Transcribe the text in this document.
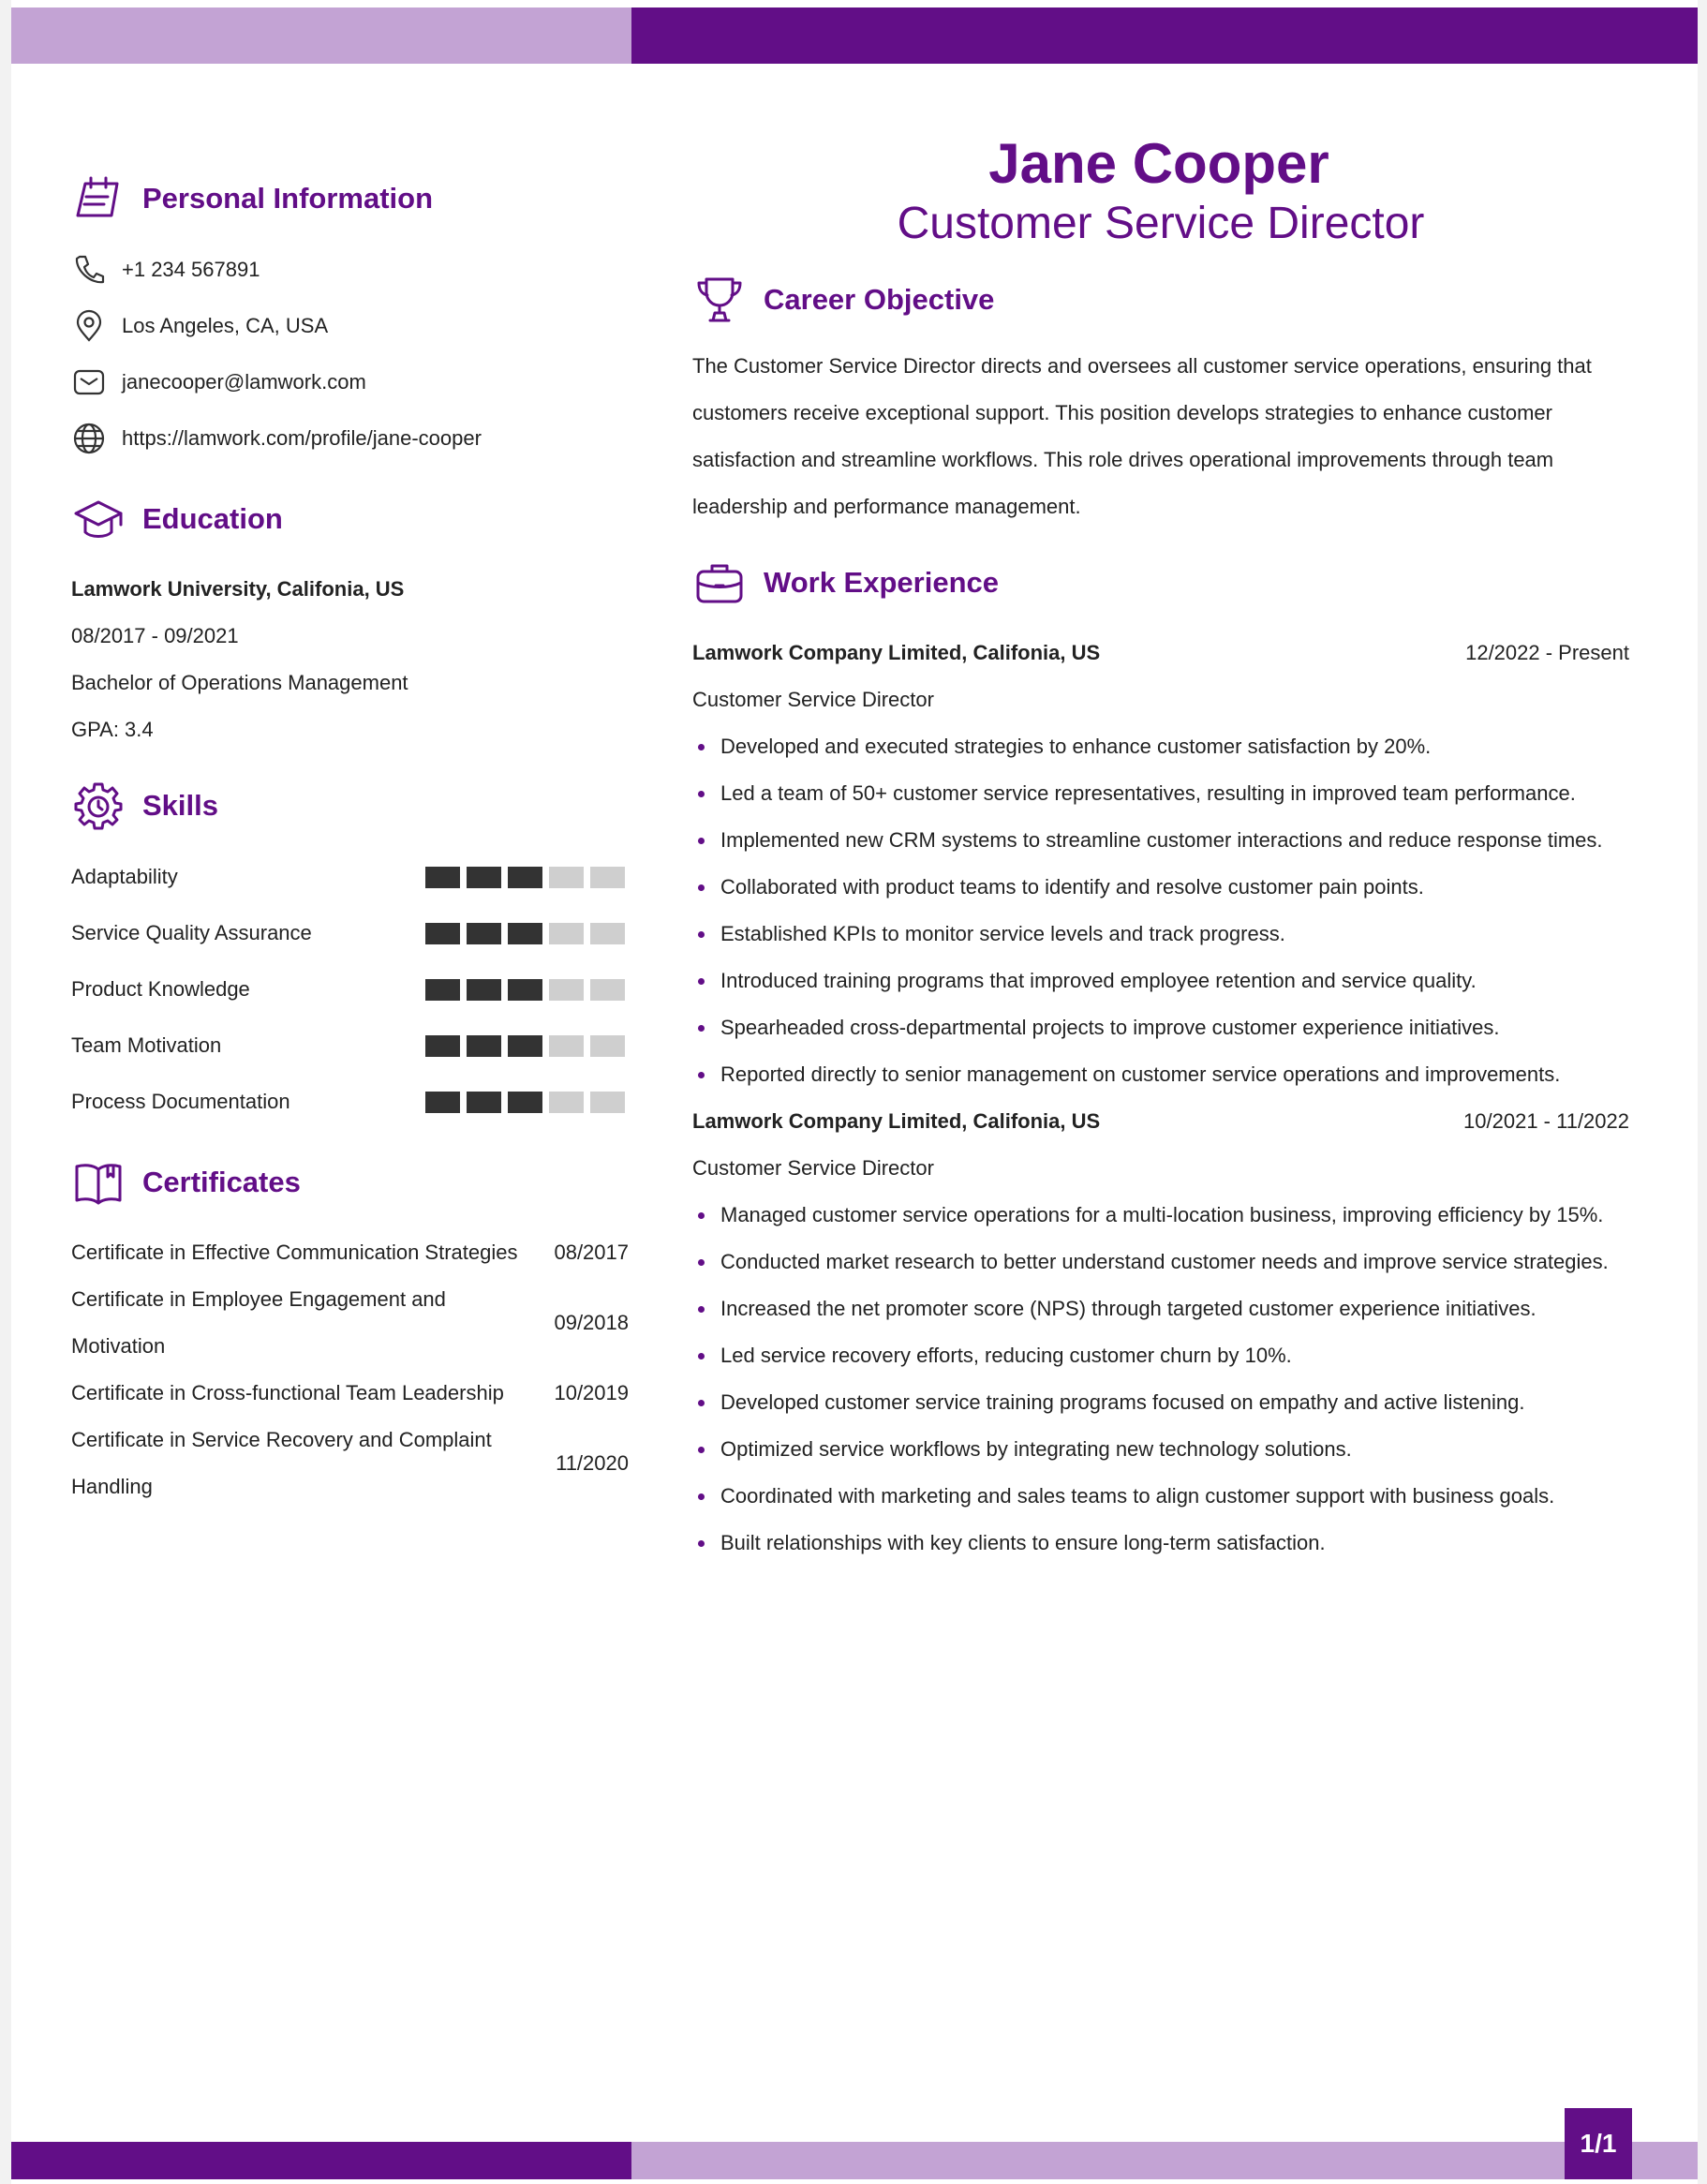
1/1
Personal Information
+1 234 567891
Los Angeles, CA, USA
janecooper@lamwork.com
https://lamwork.com/profile/jane-cooper
Education
Lamwork University, Califonia, US
08/2017 - 09/2021
Bachelor of Operations Management
GPA: 3.4
Skills
Adaptability
Service Quality Assurance
Product Knowledge
Team Motivation
Process Documentation
Certificates
Certificate in Effective Communication Strategies	08/2017
Certificate in Employee Engagement and Motivation
09/2018
Certificate in Cross-functional Team Leadership	10/2019
Certificate in Service Recovery and Complaint Handling
11/2020
Jane Cooper
Customer Service Director
Career Objective

The Customer Service Director directs and oversees all customer service operations, ensuring that customers receive exceptional support. This position develops strategies to enhance customer satisfaction and streamline workflows. This role drives operational improvements through team leadership and performance management.

Work Experience
Lamwork Company Limited, Califonia, US	12/2022 - Present
Customer Service Director
Developed and executed strategies to enhance customer satisfaction by 20%.
Led a team of 50+ customer service representatives, resulting in improved team performance.
Implemented new CRM systems to streamline customer interactions and reduce response times.
Collaborated with product teams to identify and resolve customer pain points.
Established KPIs to monitor service levels and track progress.
Introduced training programs that improved employee retention and service quality.
Spearheaded cross-departmental projects to improve customer experience initiatives.
Reported directly to senior management on customer service operations and improvements.
Lamwork Company Limited, Califonia, US	10/2021 - 11/2022
Customer Service Director
Managed customer service operations for a multi-location business, improving efficiency by 15%.
Conducted market research to better understand customer needs and improve service strategies.
Increased the net promoter score (NPS) through targeted customer experience initiatives.
Led service recovery efforts, reducing customer churn by 10%.
Developed customer service training programs focused on empathy and active listening.
Optimized service workflows by integrating new technology solutions.
Coordinated with marketing and sales teams to align customer support with business goals.
Built relationships with key clients to ensure long-term satisfaction.
